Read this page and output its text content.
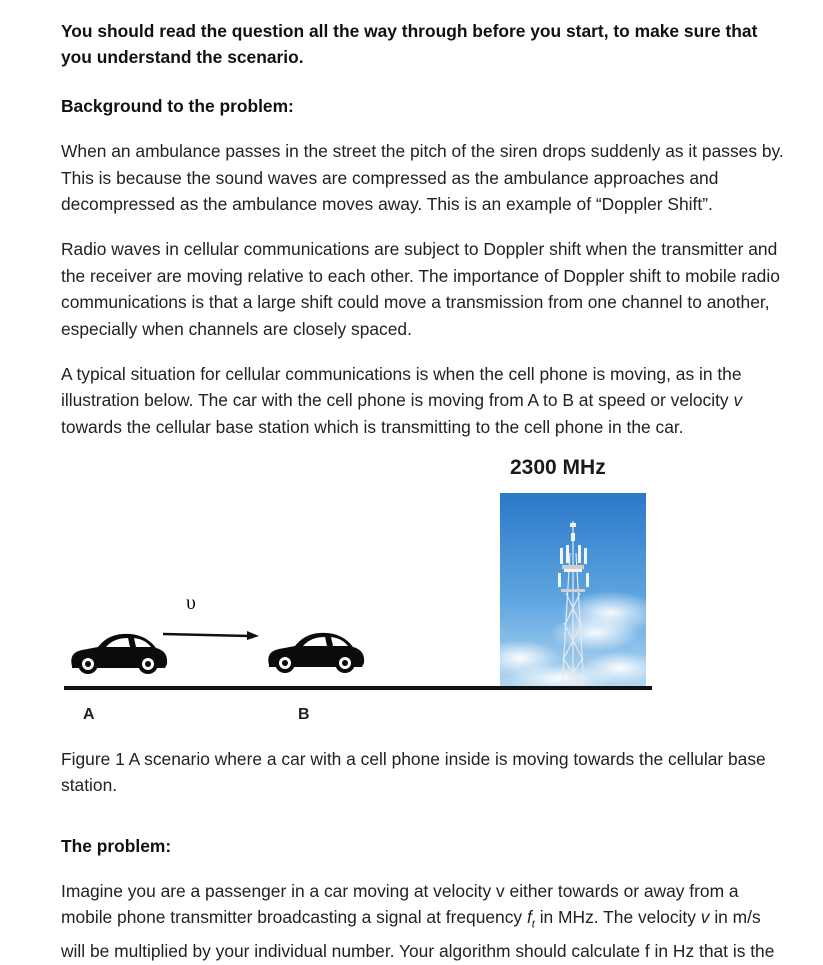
You should read the question all the way through before you start, to make sure that you understand the scenario.

Background to the problem:

When an ambulance passes in the street the pitch of the siren drops suddenly as it passes by. This is because the sound waves are compressed as the ambulance approaches and decompressed as the ambulance moves away. This is an example of “Doppler Shift”.

Radio waves in cellular communications are subject to Doppler shift when the transmitter and the receiver are moving relative to each other. The importance of Doppler shift to mobile radio communications is that a large shift could move a transmission from one channel to another, especially when channels are closely spaced.

A typical situation for cellular communications is when the cell phone is moving, as in the illustration below. The car with the cell phone is moving from A to B at speed or velocity v towards the cellular base station which is transmitting to the cell phone in the car.

2300 MHz
υ
A	B

Figure 1 A scenario where a car with a cell phone inside is moving towards the cellular base station.

The problem:

Imagine you are a passenger in a car moving at velocity v either towards or away from a

mobile phone transmitter broadcasting a signal at frequency $f_t$ in MHz. The velocity v in m/s

will be multiplied by your individual number. Your algorithm should calculate f in Hz that is the
